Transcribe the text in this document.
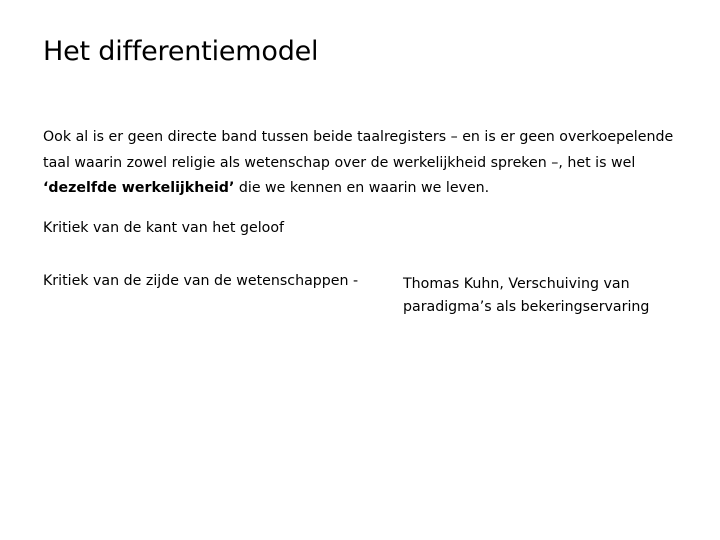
Het differentiemodel

Ook al is er geen directe band tussen beide taalregisters – en is er geen overkoepelende taal waarin zowel religie als wetenschap over de werkelijkheid spreken –, het is wel ‘dezelfde werkelijkheid’ die we kennen en waarin we leven.

Kritiek van de kant van het geloof

Kritiek van de zijde van de wetenschappen -	Thomas Kuhn, Verschuiving van paradigma’s als bekeringservaring
